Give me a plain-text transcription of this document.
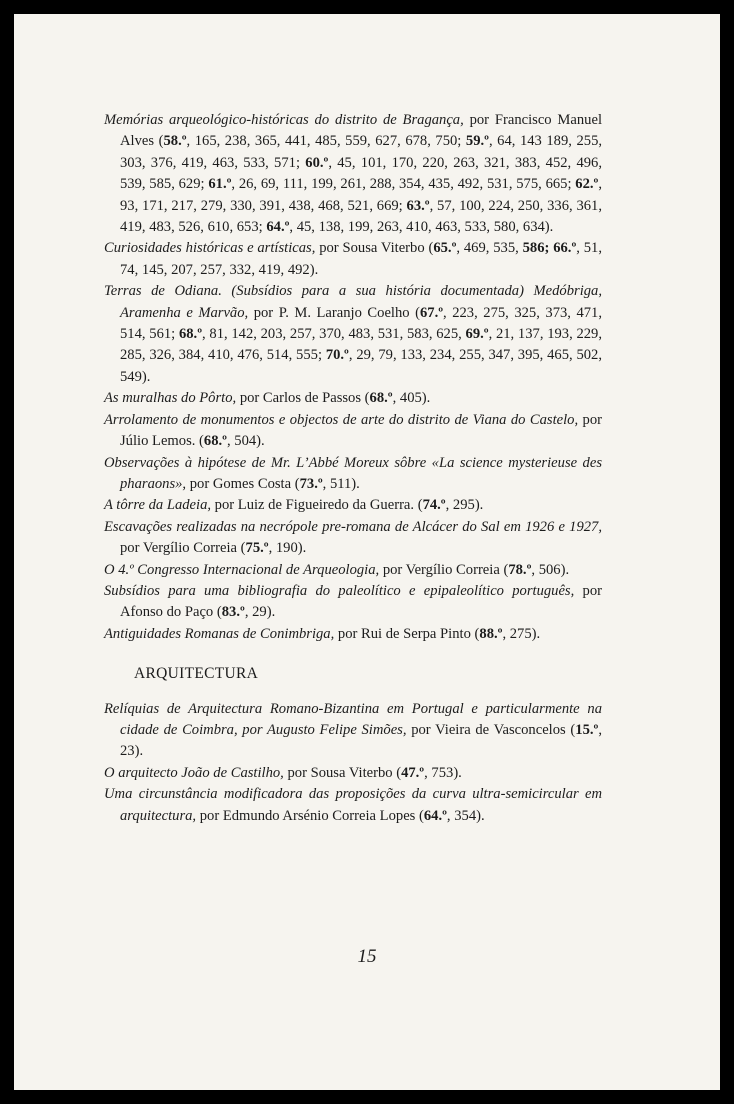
Memórias arqueológico-históricas do distrito de Bragança, por Francisco Manuel Alves (58.º, 165, 238, 365, 441, 485, 559, 627, 678, 750; 59.º, 64, 143 189, 255, 303, 376, 419, 463, 533, 571; 60.º, 45, 101, 170, 220, 263, 321, 383, 452, 496, 539, 585, 629; 61.º, 26, 69, 111, 199, 261, 288, 354, 435, 492, 531, 575, 665; 62.º, 93, 171, 217, 279, 330, 391, 438, 468, 521, 669; 63.º, 57, 100, 224, 250, 336, 361, 419, 483, 526, 610, 653; 64.º, 45, 138, 199, 263, 410, 463, 533, 580, 634).

Curiosidades históricas e artísticas, por Sousa Viterbo (65.º, 469, 535, 586; 66.º, 51, 74, 145, 207, 257, 332, 419, 492).

Terras de Odiana. (Subsídios para a sua história documentada) Medóbriga, Aramenha e Marvão, por P. M. Laranjo Coelho (67.º, 223, 275, 325, 373, 471, 514, 561; 68.º, 81, 142, 203, 257, 370, 483, 531, 583, 625, 69.º, 21, 137, 193, 229, 285, 326, 384, 410, 476, 514, 555; 70.º, 29, 79, 133, 234, 255, 347, 395, 465, 502, 549).

As muralhas do Pôrto, por Carlos de Passos (68.º, 405).

Arrolamento de monumentos e objectos de arte do distrito de Viana do Castelo, por Júlio Lemos. (68.º, 504).

Observações à hipótese de Mr. L’Abbé Moreux sôbre «La science mysterieuse des pharaons», por Gomes Costa (73.º, 511).

A tôrre da Ladeia, por Luiz de Figueiredo da Guerra. (74.º, 295).

Escavações realizadas na necrópole pre-romana de Alcácer do Sal em 1926 e 1927, por Vergílio Correia (75.º, 190).

O 4.º Congresso Internacional de Arqueologia, por Vergílio Correia (78.º, 506).

Subsídios para uma bibliografia do paleolítico e epipaleolítico português, por Afonso do Paço (83.º, 29).

Antiguidades Romanas de Conimbriga, por Rui de Serpa Pinto (88.º, 275).

ARQUITECTURA

Relíquias de Arquitectura Romano-Bizantina em Portugal e particularmente na cidade de Coimbra, por Augusto Felipe Simões, por Vieira de Vasconcelos (15.º, 23).

O arquitecto João de Castilho, por Sousa Viterbo (47.º, 753).

Uma circunstância modificadora das proposições da curva ultra-semicircular em arquitectura, por Edmundo Arsénio Correia Lopes (64.º, 354).

15
